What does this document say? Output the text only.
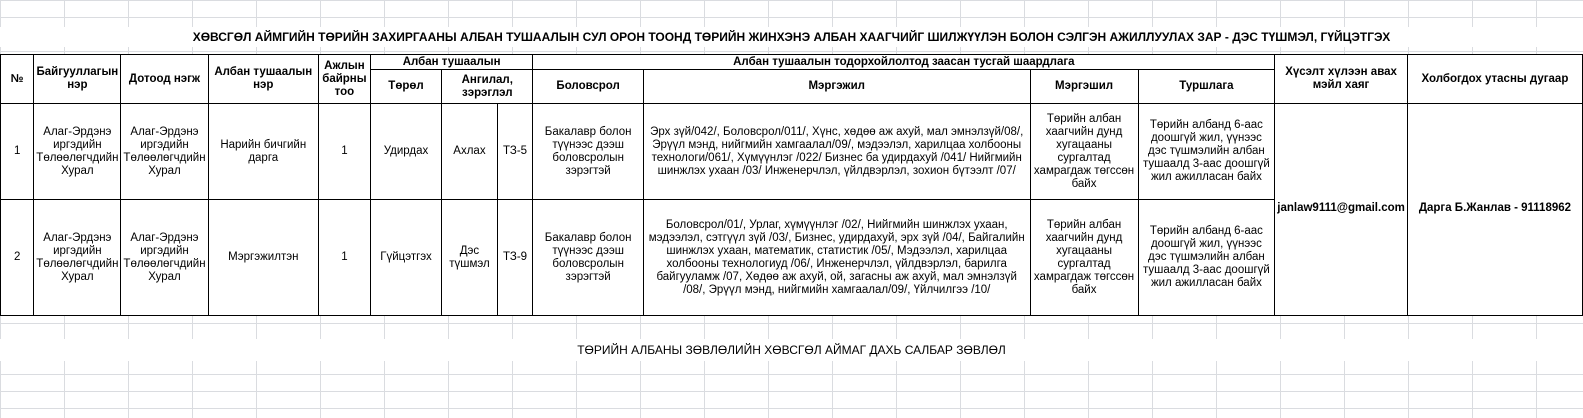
ХӨВСГӨЛ АЙМГИЙН ТӨРИЙН ЗАХИРГААНЫ АЛБАН ТУШААЛЫН СУЛ ОРОН ТООНД ТӨРИЙН ЖИНХЭНЭ АЛБАН ХААГЧИЙГ ШИЛЖҮҮЛЭН БОЛОН СЭЛГЭН АЖИЛЛУУЛАХ ЗАР - ДЭС ТҮШМЭЛ, ГҮЙЦЭТГЭХ
№	Байгууллагын нэр	Дотоод нэгж	Албан тушаалын нэр	Ажлын байрны тоо	Албан тушаалын			Албан тушаалын тодорхойлолтод заасан тусгай шаардлага				Хүсэлт хүлээн авах мэйл хаяг	Холбогдох утасны дугаар
					Төрөл	Ангилал, зэрэглэл		Боловсрол	Мэргэжил	Мэргэшил	Туршлага		
1	Алаг-Эрдэнэ иргэдийн Төлөөлөгчдийн Хурал	Алаг-Эрдэнэ иргэдийн Төлөөлөгчдийн Хурал	Нарийн бичгийн дарга	1	Удирдах	Ахлах	ТЗ-5	Бакалавр болон түүнээс дээш боловсролын зэрэгтэй	Эрх зүй/042/, Боловсрол/011/, Хүнс, хөдөө аж ахуй, мал эмнэлзүй/08/, Эрүүл мэнд, нийгмийн хамгаалал/09/, мэдээлэл, харилцаа холбооны технологи/061/, Хүмүүнлэг /022/ Бизнес ба удирдахуй /041/ Нийгмийн шинжлэх ухаан /03/ Инженерчлэл, үйлдвэрлэл, зохион бүтээлт /07/	Төрийн албан хаагчийн дунд хугацааны сургалтад хамрагдаж төгссөн байх	Төрийн албанд 6-аас доошгүй жил, үүнээс дэс түшмэлийн албан тушаалд 3-аас доошгүй жил ажилласан байх	janlaw9111@gmail.com	Дарга Б.Жанлав - 91118962
2	Алаг-Эрдэнэ иргэдийн Төлөөлөгчдийн Хурал	Алаг-Эрдэнэ иргэдийн Төлөөлөгчдийн Хурал	Мэргэжилтэн	1	Гүйцэтгэх	Дэс түшмэл	ТЗ-9	Бакалавр болон түүнээс дээш боловсролын зэрэгтэй	Боловсрол/01/, Урлаг, хүмүүнлэг /02/, Нийгмийн шинжлэх ухаан, мэдээлэл, сэтгүүл зүй /03/, Бизнес, удирдахуй, эрх зүй /04/, Байгалийн шинжлэх ухаан, математик, статистик /05/, Мэдээлэл, харилцаа холбооны технологиуд /06/, Инженерчлэл, үйлдвэрлэл, барилга байгууламж /07, Хөдөө аж ахуй, ой, загасны аж ахуй, мал эмнэлзүй /08/, Эрүүл мэнд, нийгмийн хамгаалал/09/, Үйлчилгээ /10/	Төрийн албан хаагчийн дунд хугацааны сургалтад хамрагдаж төгссөн байх	Төрийн албанд 6-аас доошгүй жил, үүнээс дэс түшмэлийн албан тушаалд 3-аас доошгүй жил ажилласан байх		
ТӨРИЙН АЛБАНЫ ЗӨВЛӨЛИЙН ХӨВСГӨЛ АЙМАГ ДАХЬ САЛБАР ЗӨВЛӨЛ
